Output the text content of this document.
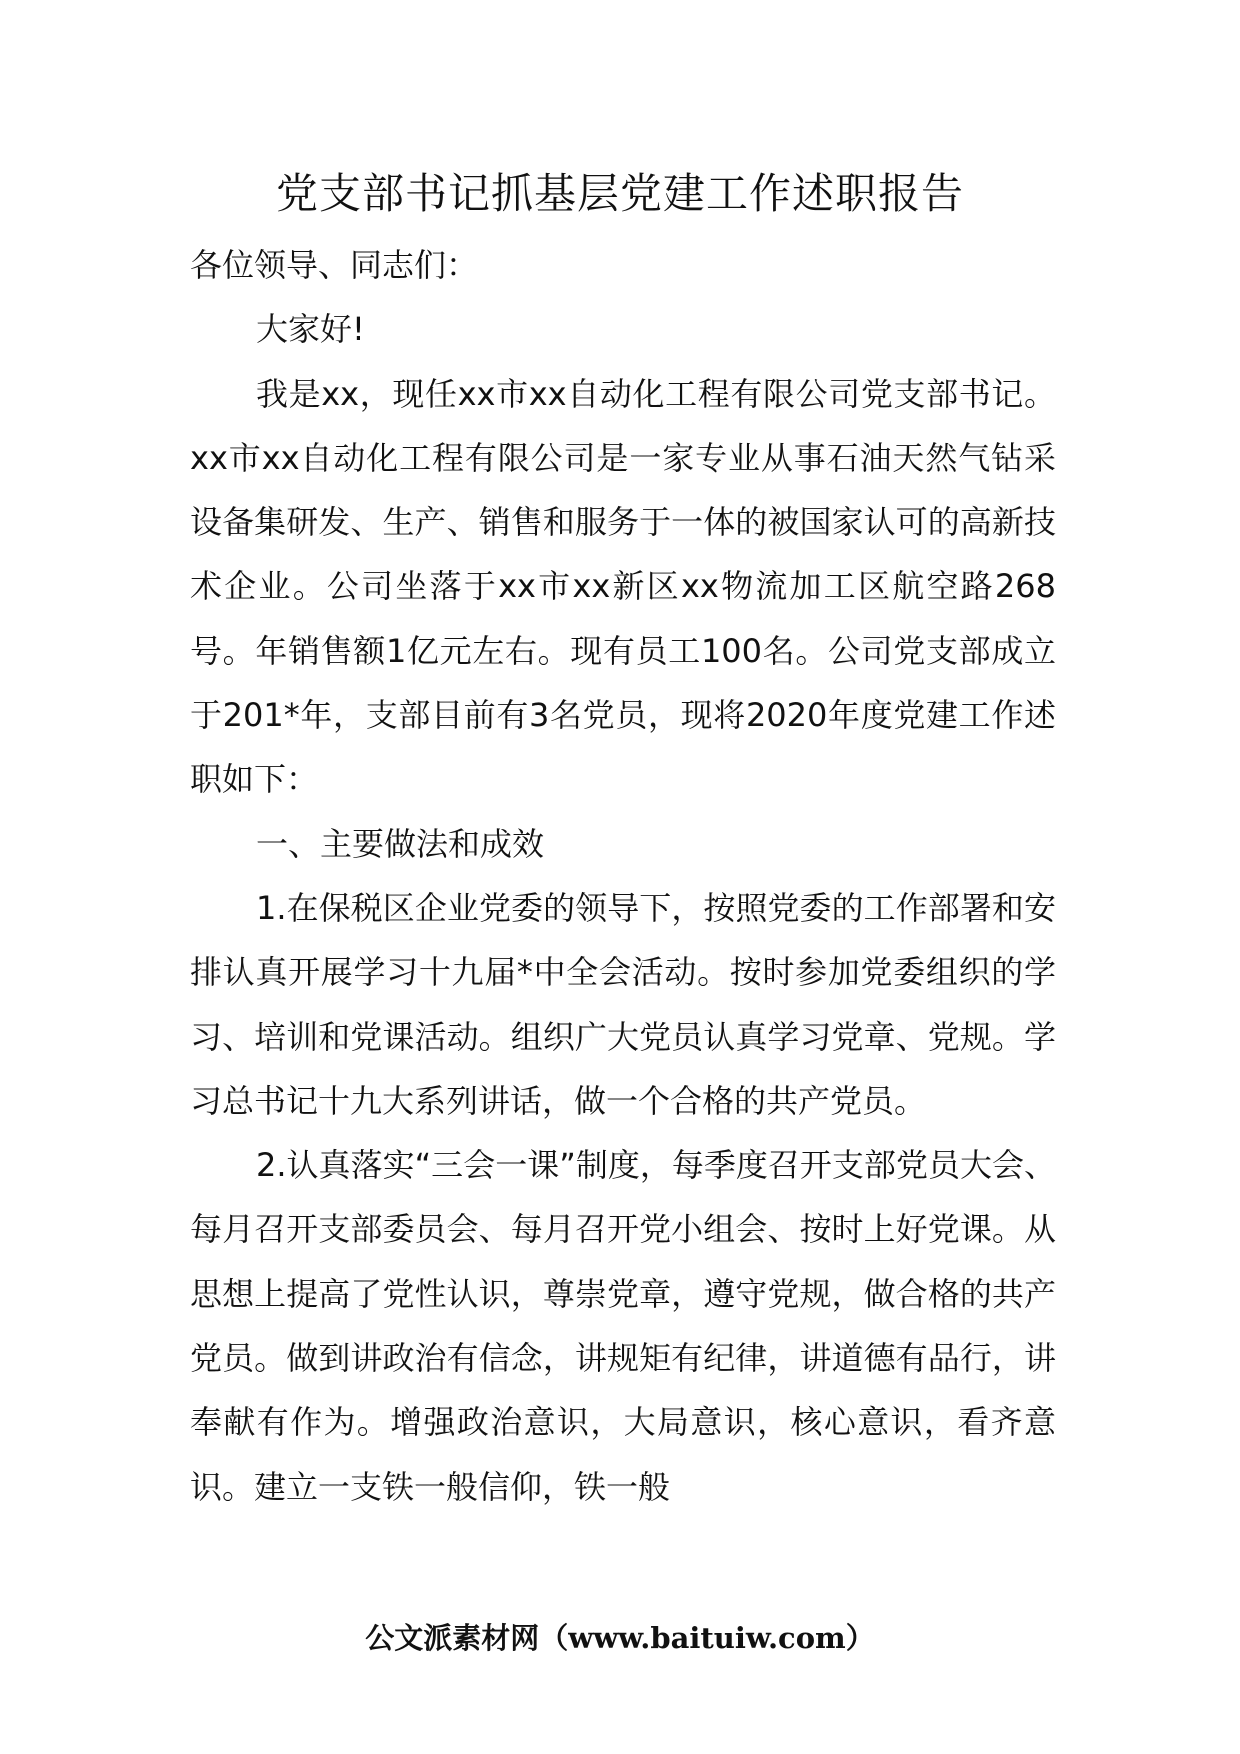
党支部书记抓基层党建工作述职报告

各位领导、同志们：

大家好!

我是xx，现任xx市xx自动化工程有限公司党支部书记。xx市xx自动化工程有限公司是一家专业从事石油天然气钻采设备集研发、生产、销售和服务于一体的被国家认可的高新技术企业。公司坐落于xx市xx新区xx物流加工区航空路268号。年销售额1亿元左右。现有员工100名。公司党支部成立于201*年，支部目前有3名党员，现将2020年度党建工作述职如下：

一、主要做法和成效

1.在保税区企业党委的领导下，按照党委的工作部署和安排认真开展学习十九届*中全会活动。按时参加党委组织的学习、培训和党课活动。组织广大党员认真学习党章、党规。学习总书记十九大系列讲话，做一个合格的共产党员。

2.认真落实“三会一课”制度，每季度召开支部党员大会、每月召开支部委员会、每月召开党小组会、按时上好党课。从思想上提高了党性认识，尊崇党章，遵守党规，做合格的共产党员。做到讲政治有信念，讲规矩有纪律，讲道德有品行，讲奉献有作为。增强政治意识，大局意识，核心意识，看齐意识。建立一支铁一般信仰，铁一般

公文派素材网（www.baituiw.com）
